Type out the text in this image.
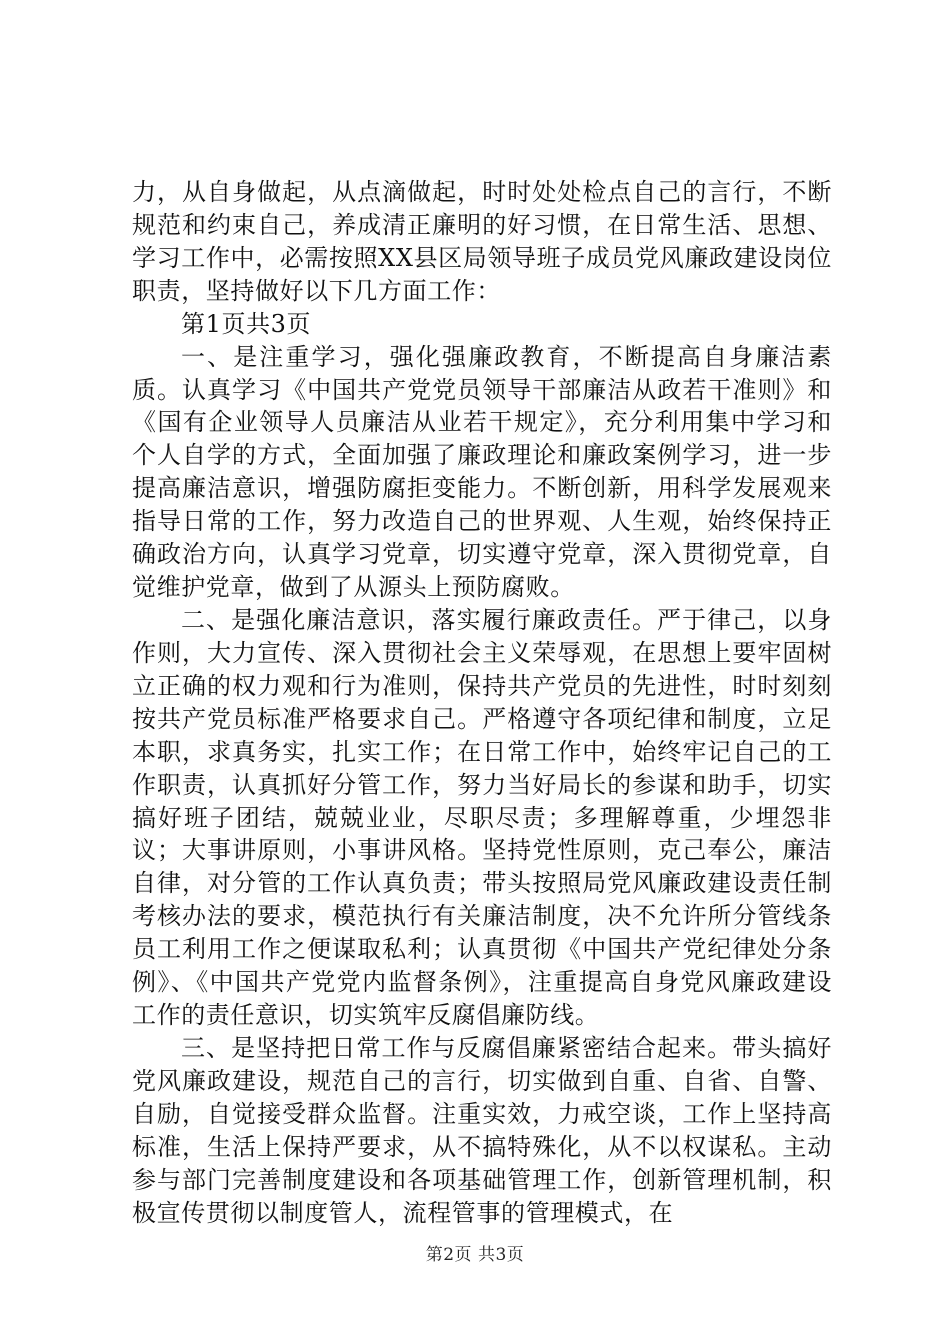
力，从自身做起，从点滴做起，时时处处检点自己的言行，不断规范和约束自己，养成清正廉明的好习惯，在日常生活、思想、学习工作中，必需按照XX县区局领导班子成员党风廉政建设岗位职责，坚持做好以下几方面工作：

第1页共3页

一、是注重学习，强化强廉政教育，不断提高自身廉洁素质。认真学习《中国共产党党员领导干部廉洁从政若干准则》和《国有企业领导人员廉洁从业若干规定》，充分利用集中学习和个人自学的方式，全面加强了廉政理论和廉政案例学习，进一步提高廉洁意识，增强防腐拒变能力。不断创新，用科学发展观来指导日常的工作，努力改造自己的世界观、人生观，始终保持正确政治方向，认真学习党章，切实遵守党章，深入贯彻党章，自觉维护党章，做到了从源头上预防腐败。

二、是强化廉洁意识，落实履行廉政责任。严于律己，以身作则，大力宣传、深入贯彻社会主义荣辱观，在思想上要牢固树立正确的权力观和行为准则，保持共产党员的先进性，时时刻刻按共产党员标准严格要求自己。严格遵守各项纪律和制度，立足本职，求真务实，扎实工作；在日常工作中，始终牢记自己的工作职责，认真抓好分管工作，努力当好局长的参谋和助手，切实搞好班子团结，兢兢业业，尽职尽责；多理解尊重，少埋怨非议；大事讲原则，小事讲风格。坚持党性原则，克己奉公，廉洁自律，对分管的工作认真负责；带头按照局党风廉政建设责任制考核办法的要求，模范执行有关廉洁制度，决不允许所分管线条员工利用工作之便谋取私利；认真贯彻《中国共产党纪律处分条例》、《中国共产党党内监督条例》，注重提高自身党风廉政建设工作的责任意识，切实筑牢反腐倡廉防线。

三、是坚持把日常工作与反腐倡廉紧密结合起来。带头搞好党风廉政建设，规范自己的言行，切实做到自重、自省、自警、自励，自觉接受群众监督。注重实效，力戒空谈，工作上坚持高标准，生活上保持严要求，从不搞特殊化，从不以权谋私。主动参与部门完善制度建设和各项基础管理工作，创新管理机制，积极宣传贯彻以制度管人，流程管事的管理模式，在

第2页 共3页
